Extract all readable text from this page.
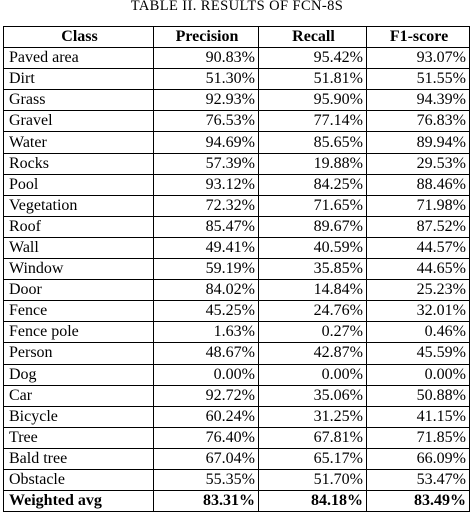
TABLE II. RESULTS OF FCN-8S
Class	Precision	Recall	F1-score
Paved area	90.83%	95.42%	93.07%
Dirt	51.30%	51.81%	51.55%
Grass	92.93%	95.90%	94.39%
Gravel	76.53%	77.14%	76.83%
Water	94.69%	85.65%	89.94%
Rocks	57.39%	19.88%	29.53%
Pool	93.12%	84.25%	88.46%
Vegetation	72.32%	71.65%	71.98%
Roof	85.47%	89.67%	87.52%
Wall	49.41%	40.59%	44.57%
Window	59.19%	35.85%	44.65%
Door	84.02%	14.84%	25.23%
Fence	45.25%	24.76%	32.01%
Fence pole	1.63%	0.27%	0.46%
Person	48.67%	42.87%	45.59%
Dog	0.00%	0.00%	0.00%
Car	92.72%	35.06%	50.88%
Bicycle	60.24%	31.25%	41.15%
Tree	76.40%	67.81%	71.85%
Bald tree	67.04%	65.17%	66.09%
Obstacle	55.35%	51.70%	53.47%
Weighted avg	83.31%	84.18%	83.49%
